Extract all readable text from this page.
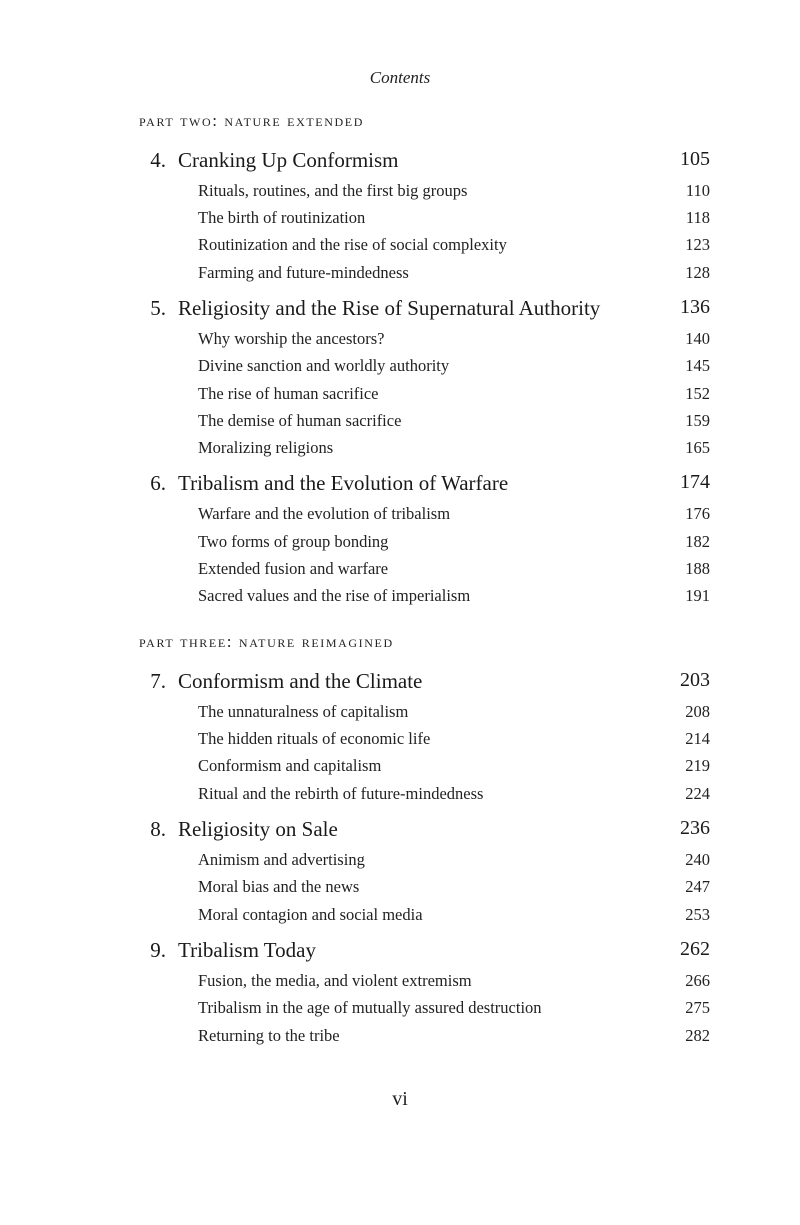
Contents
part two: nature extended
4. Cranking Up Conformism	105
Rituals, routines, and the first big groups	110
The birth of routinization	118
Routinization and the rise of social complexity	123
Farming and future-mindedness	128
5. Religiosity and the Rise of Supernatural Authority	136
Why worship the ancestors?	140
Divine sanction and worldly authority	145
The rise of human sacrifice	152
The demise of human sacrifice	159
Moralizing religions	165
6. Tribalism and the Evolution of Warfare	174
Warfare and the evolution of tribalism	176
Two forms of group bonding	182
Extended fusion and warfare	188
Sacred values and the rise of imperialism	191
part three: nature reimagined
7. Conformism and the Climate	203
The unnaturalness of capitalism	208
The hidden rituals of economic life	214
Conformism and capitalism	219
Ritual and the rebirth of future-mindedness	224
8. Religiosity on Sale	236
Animism and advertising	240
Moral bias and the news	247
Moral contagion and social media	253
9. Tribalism Today	262
Fusion, the media, and violent extremism	266
Tribalism in the age of mutually assured destruction	275
Returning to the tribe	282
vi
